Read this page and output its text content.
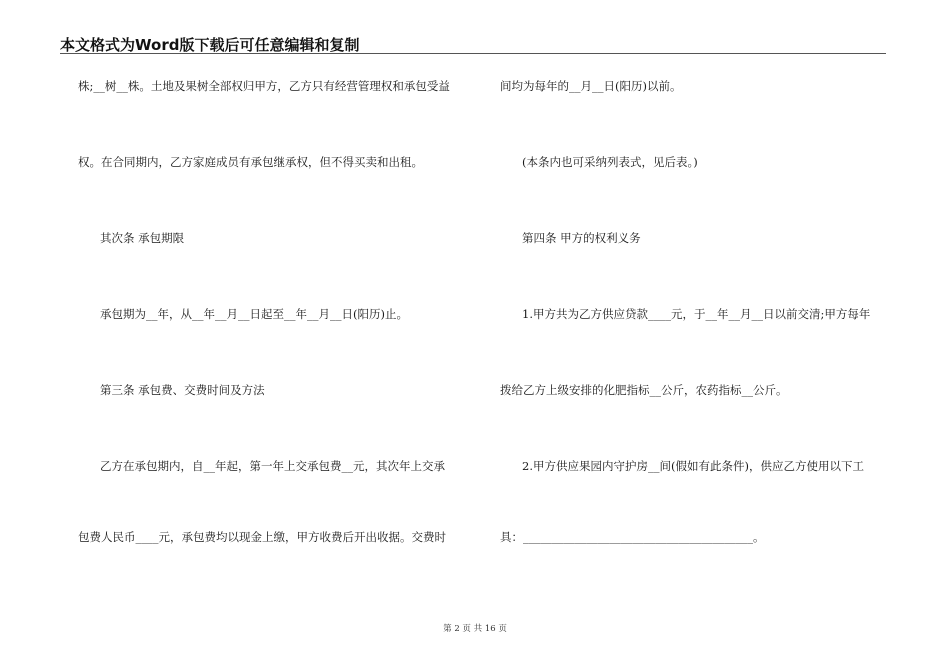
本文格式为Word版下载后可任意编辑和复制
株;__树__株。土地及果树全部权归甲方，乙方只有经营管理权和承包受益
权。在合同期内，乙方家庭成员有承包继承权，但不得买卖和出租。
其次条 承包期限
承包期为__年，从__年__月__日起至__年__月__日(阳历)止。
第三条 承包费、交费时间及方法
乙方在承包期内，自__年起，第一年上交承包费__元，其次年上交承
包费人民币____元，承包费均以现金上缴，甲方收费后开出收据。交费时
间均为每年的__月__日(阳历)以前。
(本条内也可采纳列表式，见后表。)
第四条 甲方的权利义务
1.甲方共为乙方供应贷款____元，于__年__月__日以前交清;甲方每年
拨给乙方上级安排的化肥指标__公斤，农药指标__公斤。
2.甲方供应果园内守护房__间(假如有此条件)，供应乙方使用以下工
具：________________________________________。
第 2 页 共 16 页
